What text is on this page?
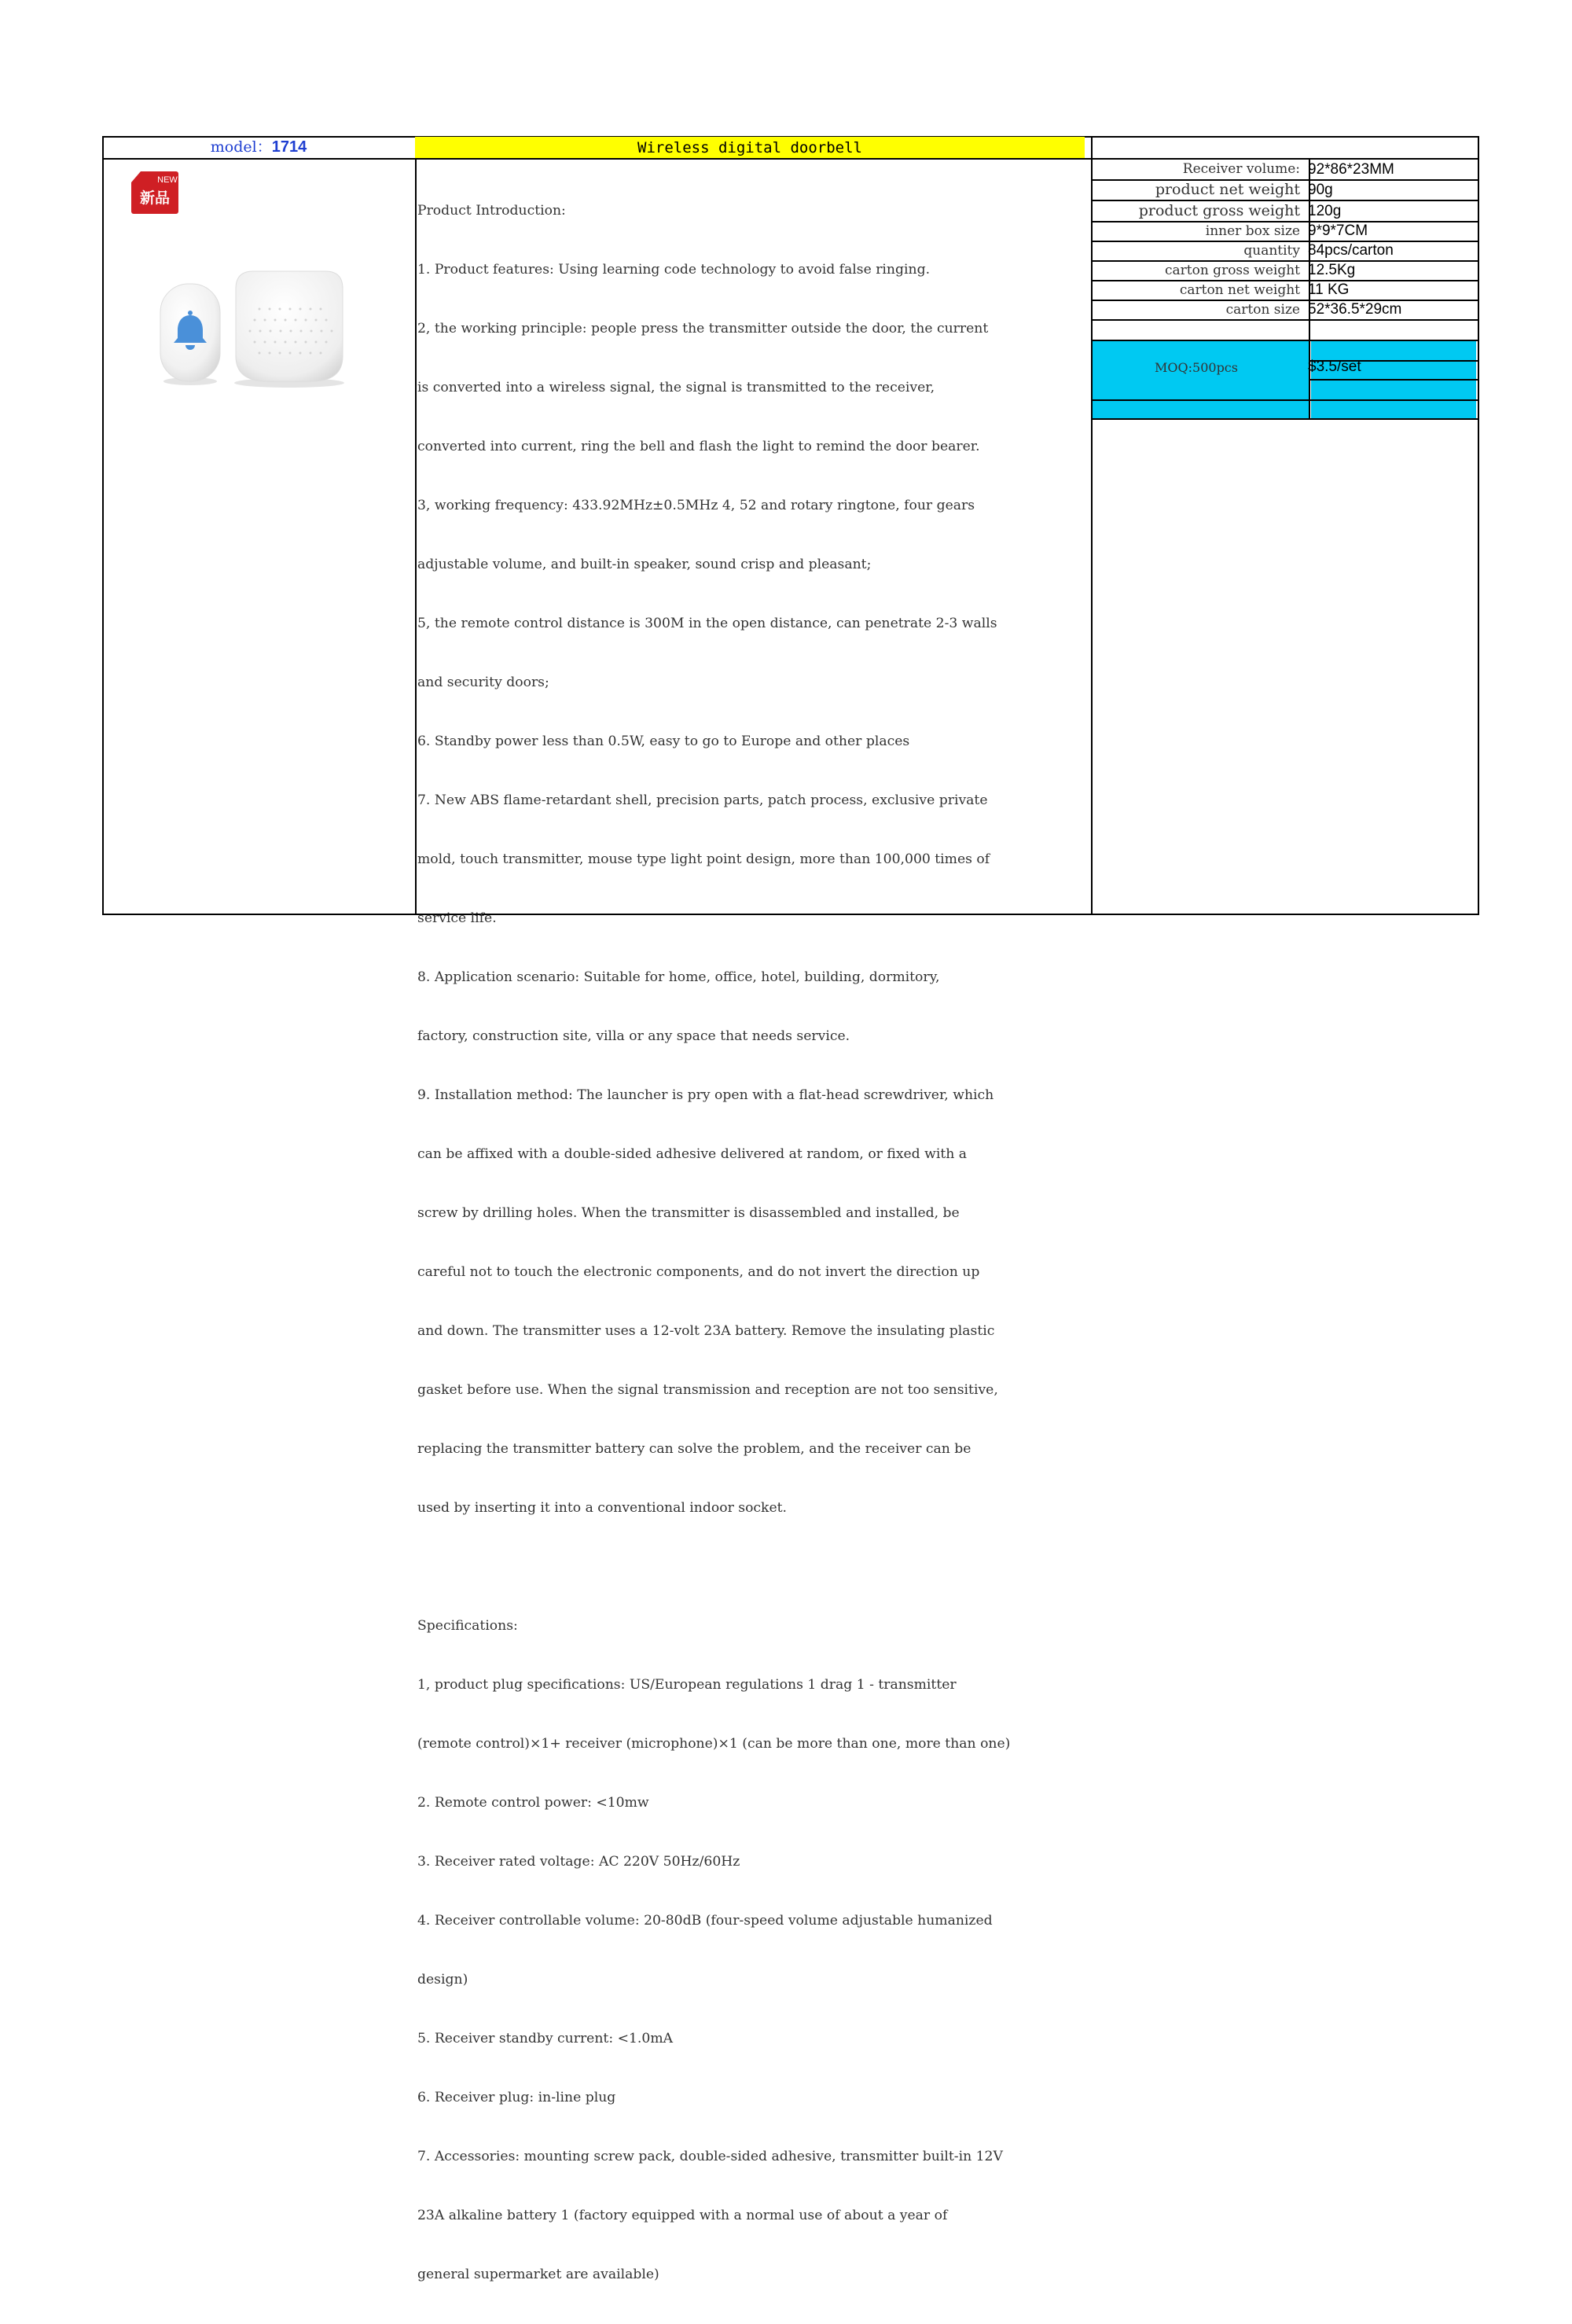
model：1714	Wireless digital doorbell
NEW
新品

Product Introduction:

1. Product features: Using learning code technology to avoid false ringing.

2, the working principle: people press the transmitter outside the door, the current

is converted into a wireless signal, the signal is transmitted to the receiver,

converted into current, ring the bell and flash the light to remind the door bearer.

3, working frequency: 433.92MHz±0.5MHz 4, 52 and rotary ringtone, four gears

adjustable volume, and built-in speaker, sound crisp and pleasant;

5, the remote control distance is 300M in the open distance, can penetrate 2-3 walls

and security doors;

6. Standby power less than 0.5W, easy to go to Europe and other places

7. New ABS flame-retardant shell, precision parts, patch process, exclusive private

mold, touch transmitter, mouse type light point design, more than 100,000 times of

service life.

8. Application scenario: Suitable for home, office, hotel, building, dormitory,

factory, construction site, villa or any space that needs service.

9. Installation method: The launcher is pry open with a flat-head screwdriver, which

can be affixed with a double-sided adhesive delivered at random, or fixed with a

screw by drilling holes. When the transmitter is disassembled and installed, be

careful not to touch the electronic components, and do not invert the direction up

and down. The transmitter uses a 12-volt 23A battery. Remove the insulating plastic

gasket before use. When the signal transmission and reception are not too sensitive,

replacing the transmitter battery can solve the problem, and the receiver can be

used by inserting it into a conventional indoor socket.

Specifications:

1, product plug specifications: US/European regulations 1 drag 1 - transmitter

(remote control)×1+ receiver (microphone)×1 (can be more than one, more than one)

2. Remote control power: <10mw

3. Receiver rated voltage: AC 220V 50Hz/60Hz

4. Receiver controllable volume: 20-80dB (four-speed volume adjustable humanized

design)

5. Receiver standby current: <1.0mA

6. Receiver plug: in-line plug

7. Accessories: mounting screw pack, double-sided adhesive, transmitter built-in 12V

23A alkaline battery 1 (factory equipped with a normal use of about a year of

general supermarket are available)

Receiver volume:
product net weight
product gross weight
inner box size
quantity
carton gross weight
carton net weight
carton size
92*86*23MM
90g
120g
9*9*7CM
84pcs/carton
12.5Kg
11 KG
52*36.5*29cm
MOQ:500pcs	$3.5/set
